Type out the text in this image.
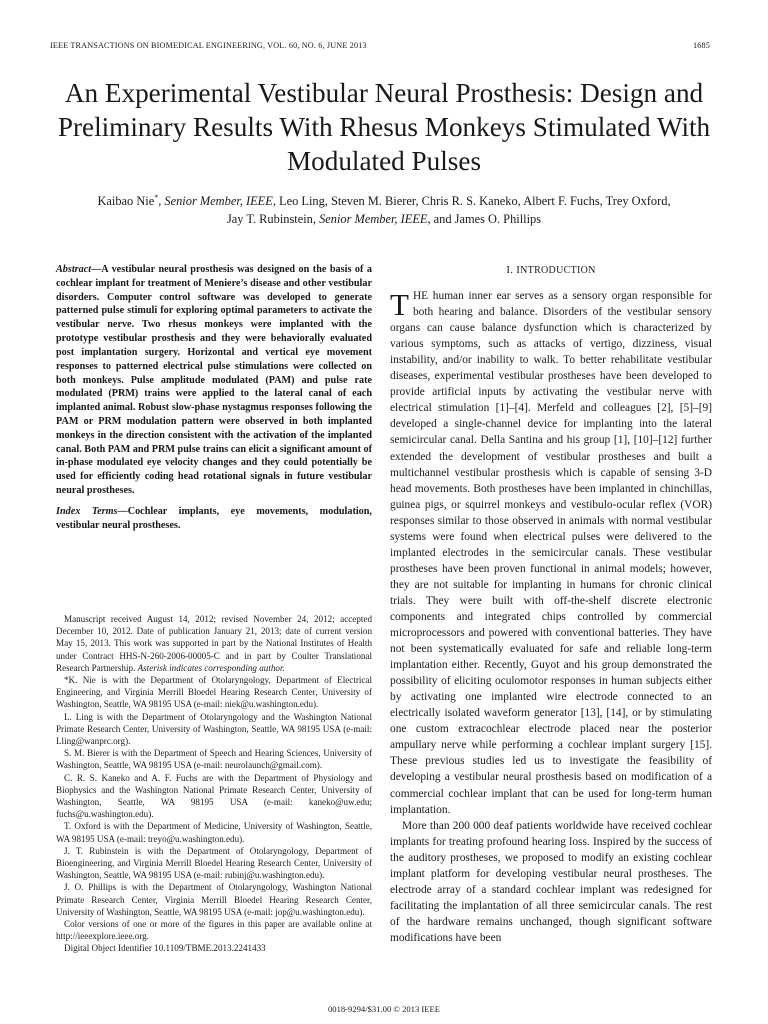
IEEE TRANSACTIONS ON BIOMEDICAL ENGINEERING, VOL. 60, NO. 6, JUNE 2013	1685
An Experimental Vestibular Neural Prosthesis: Design and Preliminary Results With Rhesus Monkeys Stimulated With Modulated Pulses
Kaibao Nie*, Senior Member, IEEE, Leo Ling, Steven M. Bierer, Chris R. S. Kaneko, Albert F. Fuchs, Trey Oxford,
Jay T. Rubinstein, Senior Member, IEEE, and James O. Phillips
Abstract—A vestibular neural prosthesis was designed on the basis of a cochlear implant for treatment of Meniere’s disease and other vestibular disorders. Computer control software was developed to generate patterned pulse stimuli for exploring optimal parameters to activate the vestibular nerve. Two rhesus monkeys were implanted with the prototype vestibular prosthesis and they were behaviorally evaluated post implantation surgery. Horizontal and vertical eye movement responses to patterned electrical pulse stimulations were collected on both monkeys. Pulse amplitude modulated (PAM) and pulse rate modulated (PRM) trains were applied to the lateral canal of each implanted animal. Robust slow-phase nystagmus responses following the PAM or PRM modulation pattern were observed in both implanted monkeys in the direction consistent with the activation of the implanted canal. Both PAM and PRM pulse trains can elicit a significant amount of in-phase modulated eye velocity changes and they could potentially be used for efficiently coding head rotational signals in future vestibular neural prostheses.
Index Terms—Cochlear implants, eye movements, modulation, vestibular neural prostheses.

Manuscript received August 14, 2012; revised November 24, 2012; accepted December 10, 2012. Date of publication January 21, 2013; date of current version May 15, 2013. This work was supported in part by the National Institutes of Health under Contract HHS-N-260-2006-00005-C and in part by Coulter Translational Research Partnership. Asterisk indicates corresponding author.

*K. Nie is with the Department of Otolaryngology, Department of Electrical Engineering, and Virginia Merrill Bloedel Hearing Research Center, University of Washington, Seattle, WA 98195 USA (e-mail: niek@u.washington.edu).

L. Ling is with the Department of Otolaryngology and the Washington National Primate Research Center, University of Washington, Seattle, WA 98195 USA (e-mail: Lling@wanprc.org).

S. M. Bierer is with the Department of Speech and Hearing Sciences, University of Washington, Seattle, WA 98195 USA (e-mail: neurolaunch@gmail.com).

C. R. S. Kaneko and A. F. Fuchs are with the Department of Physiology and Biophysics and the Washington National Primate Research Center, University of Washington, Seattle, WA 98195 USA (e-mail: kaneko@uw.edu; fuchs@u.washington.edu).

T. Oxford is with the Department of Medicine, University of Washington, Seattle, WA 98195 USA (e-mail: treyo@u.washington.edu).

J. T. Rubinstein is with the Department of Otolaryngology, Department of Bioengineering, and Virginia Merrill Bloedel Hearing Research Center, University of Washington, Seattle, WA 98195 USA (e-mail: rubinj@u.washington.edu).

J. O. Phillips is with the Department of Otolaryngology, Washington National Primate Research Center, Virginia Merrill Bloedel Hearing Research Center, University of Washington, Seattle, WA 98195 USA (e-mail: jop@u.washington.edu).

Color versions of one or more of the figures in this paper are available online at http://ieeexplore.ieee.org.

Digital Object Identifier 10.1109/TBME.2013.2241433

I. INTRODUCTION

THE human inner ear serves as a sensory organ responsible for both hearing and balance. Disorders of the vestibular sensory organs can cause balance dysfunction which is characterized by various symptoms, such as attacks of vertigo, dizziness, visual instability, and/or inability to walk. To better rehabilitate vestibular diseases, experimental vestibular prostheses have been developed to provide artificial inputs by activating the vestibular nerve with electrical stimulation [1]–[4]. Merfeld and colleagues [2], [5]–[9] developed a single-channel device for implanting into the lateral semicircular canal. Della Santina and his group [1], [10]–[12] further extended the development of vestibular prostheses and built a multichannel vestibular prosthesis which is capable of sensing 3-D head movements. Both prostheses have been implanted in chinchillas, guinea pigs, or squirrel monkeys and vestibulo-ocular reflex (VOR) responses similar to those observed in animals with normal vestibular systems were found when electrical pulses were delivered to the implanted electrodes in the semicircular canals. These vestibular prostheses have been proven functional in animal models; however, they are not suitable for implanting in humans for chronic clinical trials. They were built with off-the-shelf discrete electronic components and integrated chips controlled by commercial microprocessors and powered with conventional batteries. They have not been systematically evaluated for safe and reliable long-term implantation either. Recently, Guyot and his group demonstrated the possibility of eliciting oculomotor responses in human subjects either by activating one implanted wire electrode connected to an electrically isolated waveform generator [13], [14], or by stimulating one custom extracochlear electrode placed near the posterior ampullary nerve while performing a cochlear implant surgery [15]. These previous studies led us to investigate the feasibility of developing a vestibular neural prosthesis based on modification of a commercial cochlear implant that can be used for long-term human implantation.

More than 200 000 deaf patients worldwide have received cochlear implants for treating profound hearing loss. Inspired by the success of the auditory prostheses, we proposed to modify an existing cochlear implant platform for developing vestibular neural prostheses. The electrode array of a standard cochlear implant was redesigned for facilitating the implantation of all three semicircular canals. The rest of the hardware remains unchanged, though significant software modifications have been

0018-9294/$31.00 © 2013 IEEE
